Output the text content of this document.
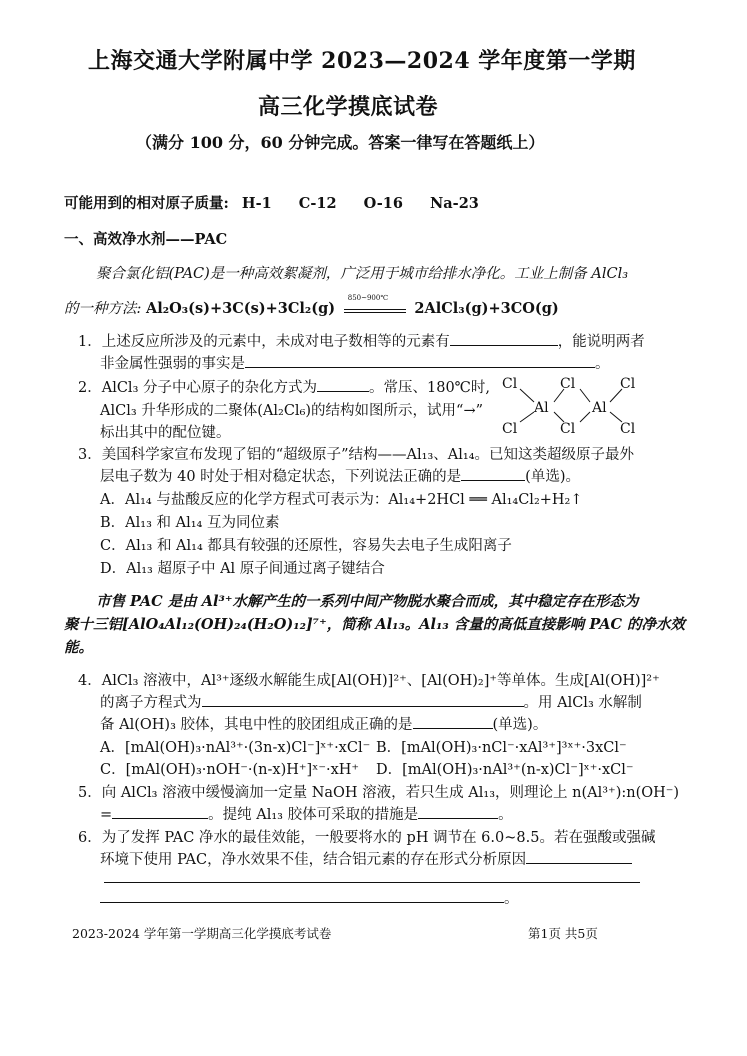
上海交通大学附属中学 2023—2024 学年度第一学期
高三化学摸底试卷
（满分 100 分，60 分钟完成。答案一律写在答题纸上）
可能用到的相对原子质量: H-1 C-12 O-16 Na-23
一、高效净水剂——PAC
聚合氯化铝(PAC)是一种高效絮凝剂，广泛用于城市给排水净化。工业上制备 AlCl₃
的一种方法: Al₂O₃(s)+3C(s)+3Cl₂(g)
850~900℃
2AlCl₃(g)+3CO(g)
1．上述反应所涉及的元素中，未成对电子数相等的元素有	，能说明两者
非金属性强弱的事实是	。
2．AlCl₃ 分子中心原子的杂化方式为	。常压、180℃时,
AlCl₃ 升华形成的二聚体(Al₂Cl₆)的结构如图所示，试用“→”
标出其中的配位键。
Cl
Cl
Al
Cl
Cl
Al
Cl
Cl
3．美国科学家宣布发现了铝的“超级原子”结构——Al₁₃、Al₁₄。已知这类超级原子最外
层电子数为 40 时处于相对稳定状态，下列说法正确的是	(单选)。
A．Al₁₄ 与盐酸反应的化学方程式可表示为：Al₁₄+2HCl ══ Al₁₄Cl₂+H₂↑
B．Al₁₃ 和 Al₁₄ 互为同位素
C．Al₁₃ 和 Al₁₄ 都具有较强的还原性，容易失去电子生成阳离子
D．Al₁₃ 超原子中 Al 原子间通过离子键结合
市售 PAC 是由 Al³⁺水解产生的一系列中间产物脱水聚合而成，其中稳定存在形态为
聚十三铝[AlO₄Al₁₂(OH)₂₄(H₂O)₁₂]⁷⁺，简称 Al₁₃。Al₁₃ 含量的高低直接影响 PAC 的净水效
能。
4．AlCl₃ 溶液中，Al³⁺逐级水解能生成[Al(OH)]²⁺、[Al(OH)₂]⁺等单体。生成[Al(OH)]²⁺
的离子方程式为	。用 AlCl₃ 水解制
备 Al(OH)₃ 胶体，其电中性的胶团组成正确的是	(单选)。
A．[mAl(OH)₃·nAl³⁺·(3n-x)Cl⁻]ˣ⁺·xCl⁻ B．[mAl(OH)₃·nCl⁻·xAl³⁺]³ˣ⁺·3xCl⁻
C．[mAl(OH)₃·nOH⁻·(n-x)H⁺]ˣ⁻·xH⁺ D．[mAl(OH)₃·nAl³⁺(n-x)Cl⁻]ˣ⁺·xCl⁻
5．向 AlCl₃ 溶液中缓慢滴加一定量 NaOH 溶液，若只生成 Al₁₃，则理论上 n(Al³⁺):n(OH⁻)
=	。提纯 Al₁₃ 胶体可采取的措施是	。
6．为了发挥 PAC 净水的最佳效能，一般要将水的 pH 调节在 6.0~8.5。若在强酸或强碱
环境下使用 PAC，净水效果不佳，结合铝元素的存在形式分析原因
。
2023-2024 学年第一学期高三化学摸底考试卷	第1页 共5页
